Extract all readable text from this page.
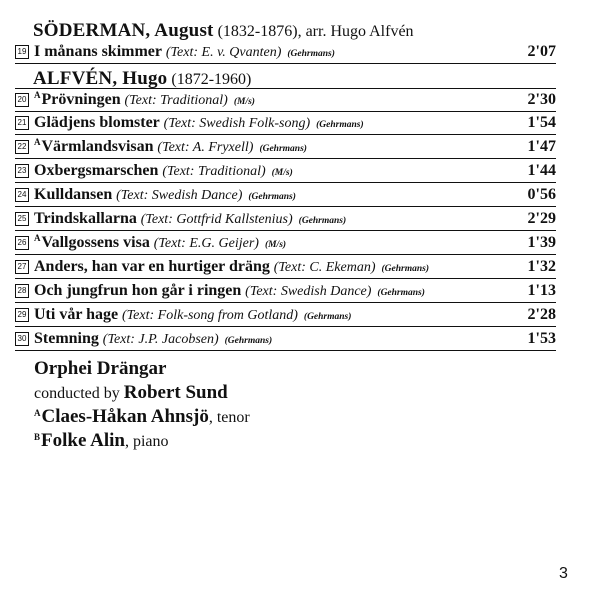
SÖDERMAN, August (1832-1876), arr. Hugo Alfvén
19 I månans skimmer (Text: E. v. Qvanten) (Gehrmans)	2'07
ALFVÉN, Hugo (1872-1960)
20 $^A$Prövningen (Text: Traditional) (M/s)	2'30
21 Glädjens blomster (Text: Swedish Folk-song) (Gehrmans)	1'54
22 $^A$Värmlandsvisan (Text: A. Fryxell) (Gehrmans)	1'47
23 Oxbergsmarschen (Text: Traditional) (M/s)	1'44
24 Kulldansen (Text: Swedish Dance) (Gehrmans)	0'56
25 Trindskallarna (Text: Gottfrid Kallstenius) (Gehrmans)	2'29
26 $^A$Vallgossens visa (Text: E.G. Geijer) (M/s)	1'39
27 Anders, han var en hurtiger dräng (Text: C. Ekeman) (Gehrmans)	1'32
28 Och jungfrun hon går i ringen (Text: Swedish Dance) (Gehrmans)	1'13
29 Uti vår hage (Text: Folk-song from Gotland) (Gehrmans)	2'28
30 Stemning (Text: J.P. Jacobsen) (Gehrmans)	1'53
Orphei Drängar
conducted by Robert Sund
$^A$Claes-Håkan Ahnsjö, tenor
$^B$Folke Alin, piano
3
